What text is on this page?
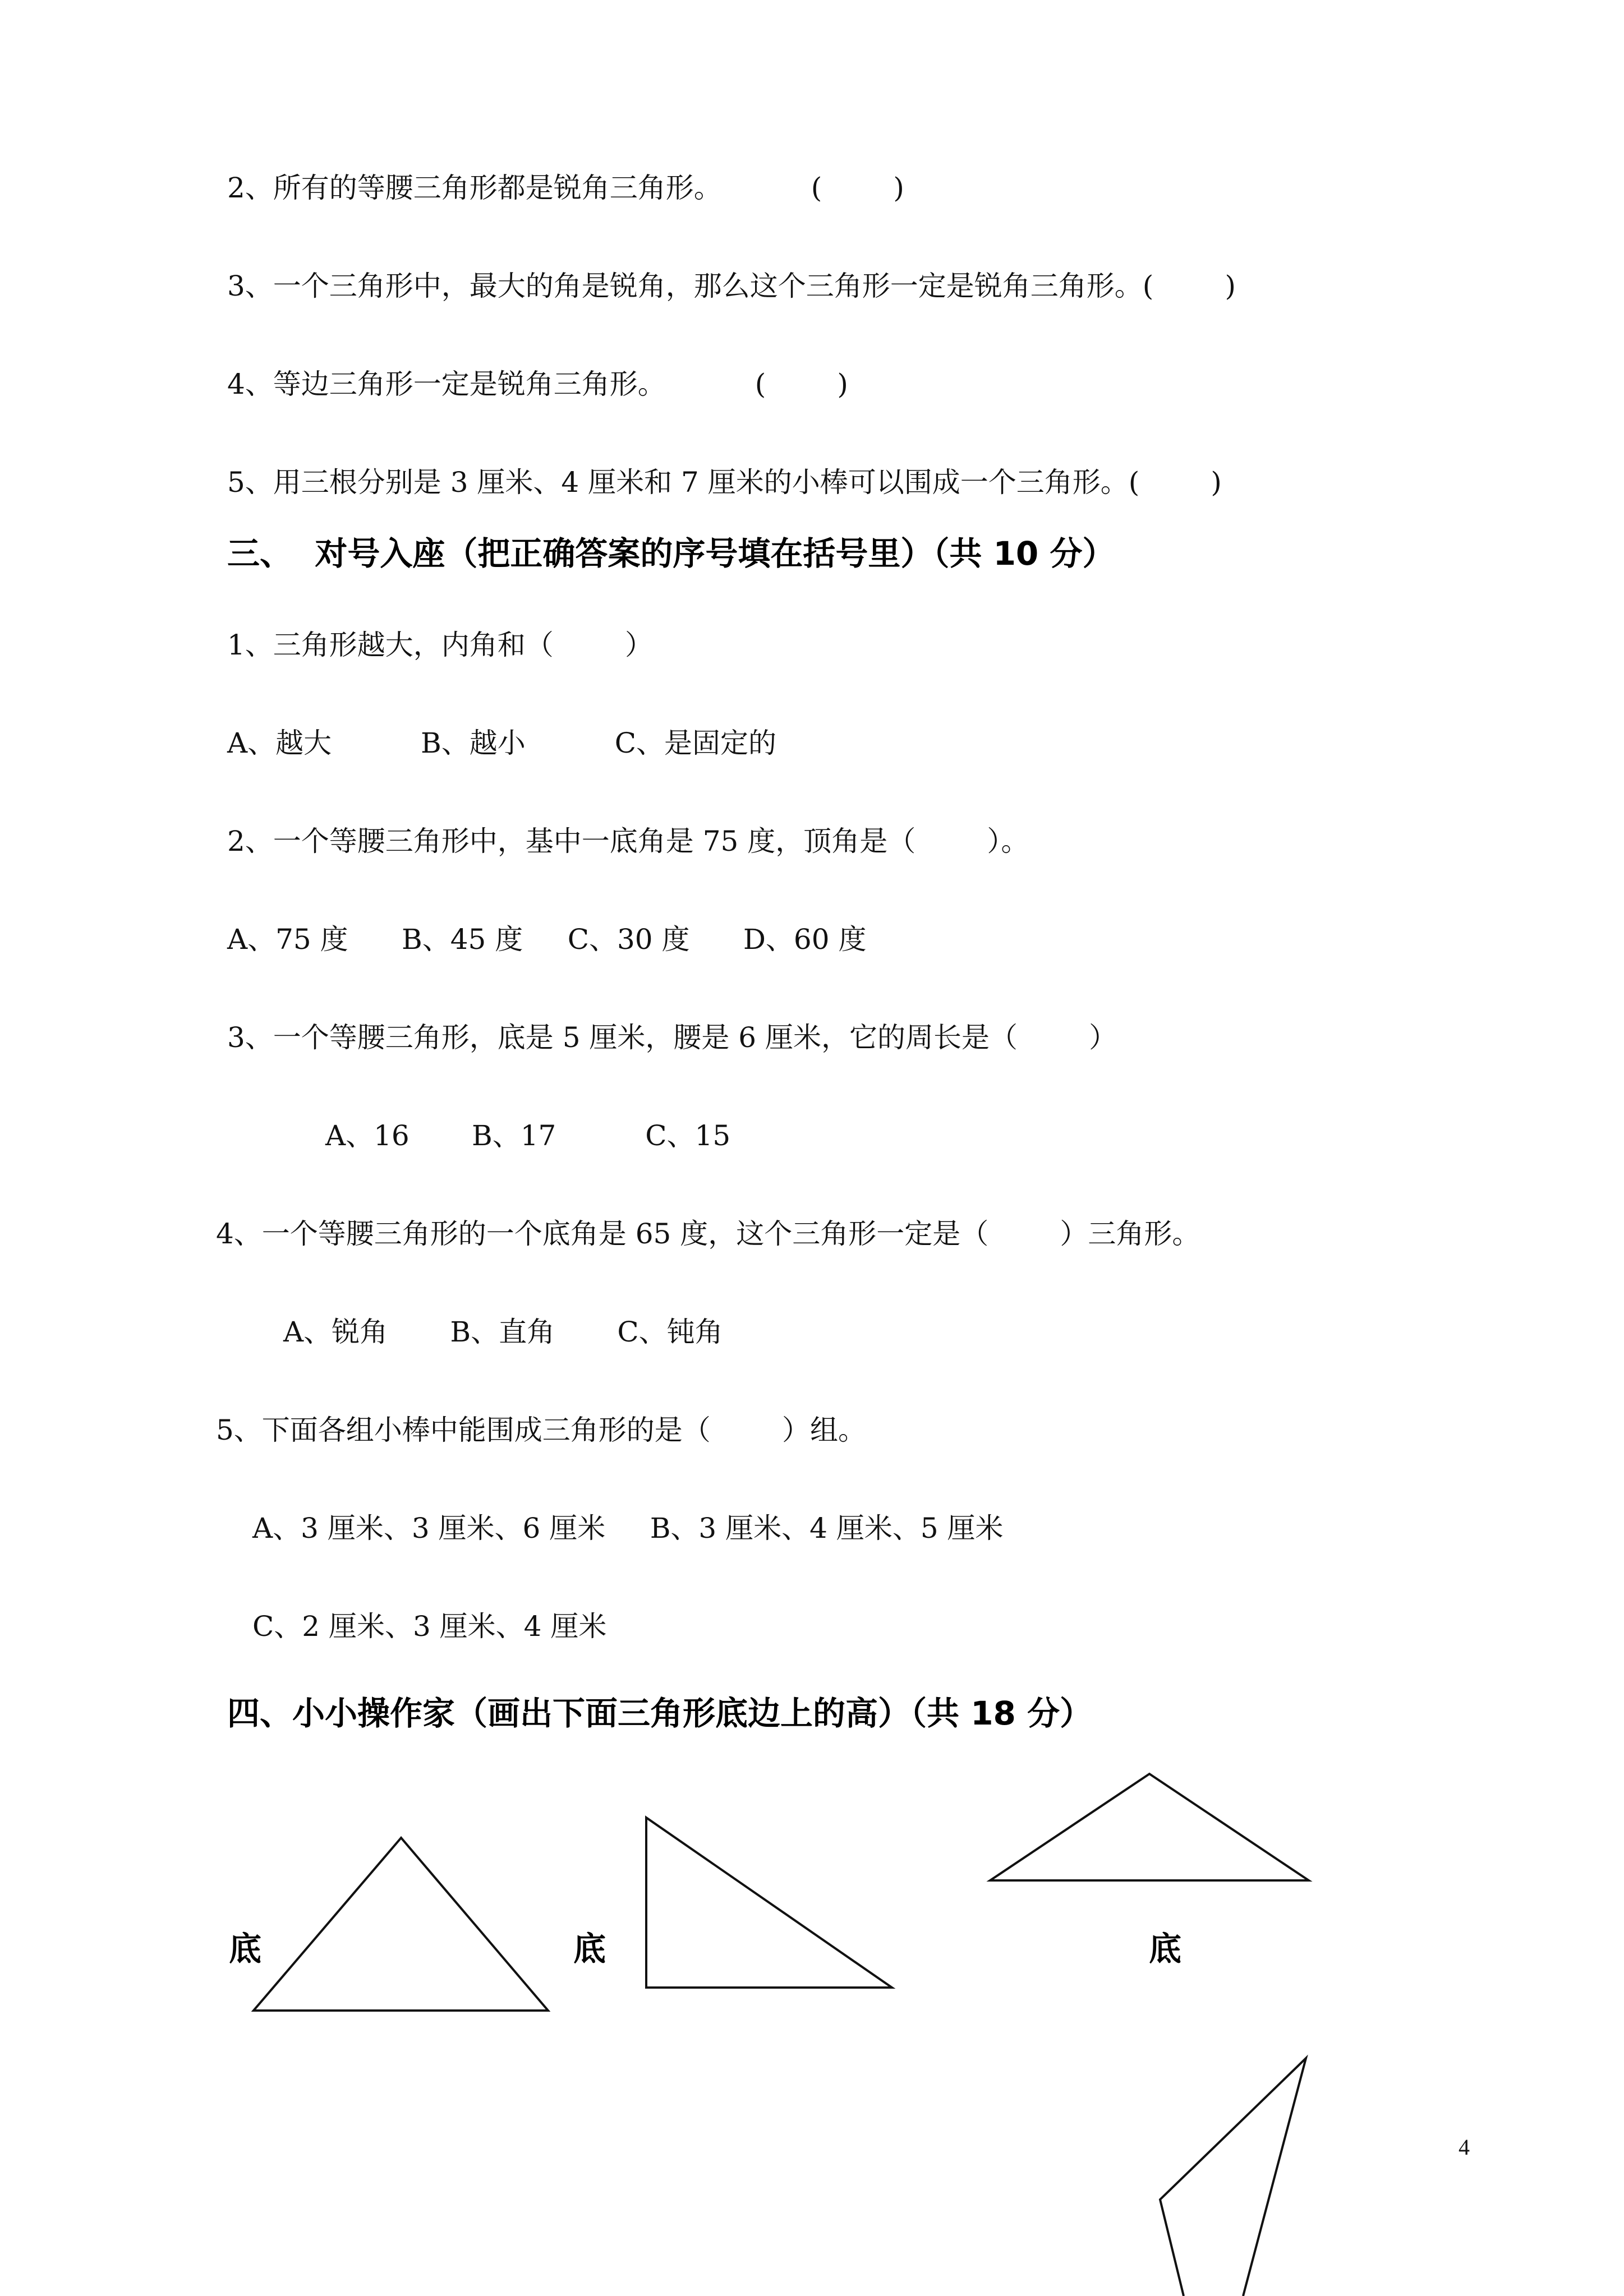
2、所有的等腰三角形都是锐角三角形。          (        )
3、一个三角形中，最大的角是锐角，那么这个三角形一定是锐角三角形。(        )
4、等边三角形一定是锐角三角形。          (        )
5、用三根分别是 3 厘米、4 厘米和 7 厘米的小棒可以围成一个三角形。(        )
三、  对号入座（把正确答案的序号填在括号里）（共 10 分）
1、三角形越大，内角和（        ）
A、越大          B、越小          C、是固定的
2、一个等腰三角形中，基中一底角是 75 度，顶角是（        ）。
A、75 度      B、45 度     C、30 度      D、60 度
3、一个等腰三角形，底是 5 厘米，腰是 6 厘米，它的周长是（        ）
A、16       B、17          C、15
4、一个等腰三角形的一个底角是 65 度，这个三角形一定是（        ）三角形。
A、锐角       B、直角       C、钝角
5、下面各组小棒中能围成三角形的是（        ）组。
A、3 厘米、3 厘米、6 厘米     B、3 厘米、4 厘米、5 厘米
C、2 厘米、3 厘米、4 厘米
四、小小操作家（画出下面三角形底边上的高）（共 18 分）
底	底	底
4
